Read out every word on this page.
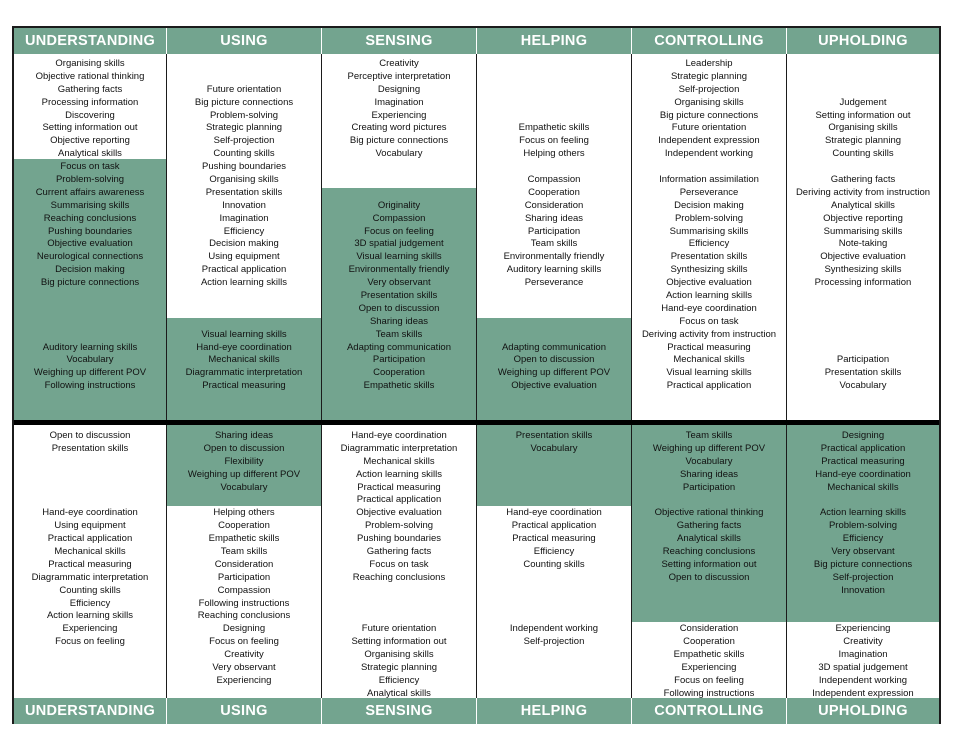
UNDERSTANDING
UNDERSTANDING
Organising skills
Objective rational thinking
Gathering facts
Processing information
Discovering
Setting information out
Objective reporting
Analytical skills
Focus on task
Problem-solving
Current affairs awareness
Summarising skills
Reaching conclusions
Pushing boundaries
Objective evaluation
Neurological connections
Decision making
Big picture connections
Auditory learning skills
Vocabulary
Weighing up different POV
Following instructions
Open to discussion
Presentation skills
Hand-eye coordination
Using equipment
Practical application
Mechanical skills
Practical measuring
Diagrammatic interpretation
Counting skills
Efficiency
Action learning skills
Experiencing
Focus on feeling
USING
USING
Future orientation
Big picture connections
Problem-solving
Strategic planning
Self-projection
Counting skills
Pushing boundaries
Organising skills
Presentation skills
Innovation
Imagination
Efficiency
Decision making
Using equipment
Practical application
Action learning skills
Visual learning skills
Hand-eye coordination
Mechanical skills
Diagrammatic interpretation
Practical measuring
Sharing ideas
Open to discussion
Flexibility
Weighing up different POV
Vocabulary
Helping others
Cooperation
Empathetic skills
Team skills
Consideration
Participation
Compassion
Following instructions
Reaching conclusions
Designing
Focus on feeling
Creativity
Very observant
Experiencing
SENSING
SENSING
Creativity
Perceptive interpretation
Designing
Imagination
Experiencing
Creating word pictures
Big picture connections
Vocabulary
Originality
Compassion
Focus on feeling
3D spatial judgement
Visual learning skills
Environmentally friendly
Very observant
Presentation skills
Open to discussion
Sharing ideas
Team skills
Adapting communication
Participation
Cooperation
Empathetic skills
Hand-eye coordination
Diagrammatic interpretation
Mechanical skills
Action learning skills
Practical measuring
Practical application
Objective evaluation
Problem-solving
Pushing boundaries
Gathering facts
Focus on task
Reaching conclusions
Future orientation
Setting information out
Organising skills
Strategic planning
Efficiency
Analytical skills
HELPING
HELPING
Empathetic skills
Focus on feeling
Helping others
Compassion
Cooperation
Consideration
Sharing ideas
Participation
Team skills
Environmentally friendly
Auditory learning skills
Perseverance
Adapting communication
Open to discussion
Weighing up different POV
Objective evaluation
Presentation skills
Vocabulary
Hand-eye coordination
Practical application
Practical measuring
Efficiency
Counting skills
Independent working
Self-projection
CONTROLLING
CONTROLLING
Leadership
Strategic planning
Self-projection
Organising skills
Big picture connections
Future orientation
Independent expression
Independent working
Information assimilation
Perseverance
Decision making
Problem-solving
Summarising skills
Efficiency
Presentation skills
Synthesizing skills
Objective evaluation
Action learning skills
Hand-eye coordination
Focus on task
Deriving activity from instruction
Practical measuring
Mechanical skills
Visual learning skills
Practical application
Team skills
Weighing up different POV
Vocabulary
Sharing ideas
Participation
Objective rational thinking
Gathering facts
Analytical skills
Reaching conclusions
Setting information out
Open to discussion
Consideration
Cooperation
Empathetic skills
Experiencing
Focus on feeling
Following instructions
UPHOLDING
UPHOLDING
Judgement
Setting information out
Organising skills
Strategic planning
Counting skills
Gathering facts
Deriving activity from instruction
Analytical skills
Objective reporting
Summarising skills
Note-taking
Objective evaluation
Synthesizing skills
Processing information
Participation
Presentation skills
Vocabulary
Designing
Practical application
Practical measuring
Hand-eye coordination
Mechanical skills
Action learning skills
Problem-solving
Efficiency
Very observant
Big picture connections
Self-projection
Innovation
Experiencing
Creativity
Imagination
3D spatial judgement
Independent working
Independent expression
